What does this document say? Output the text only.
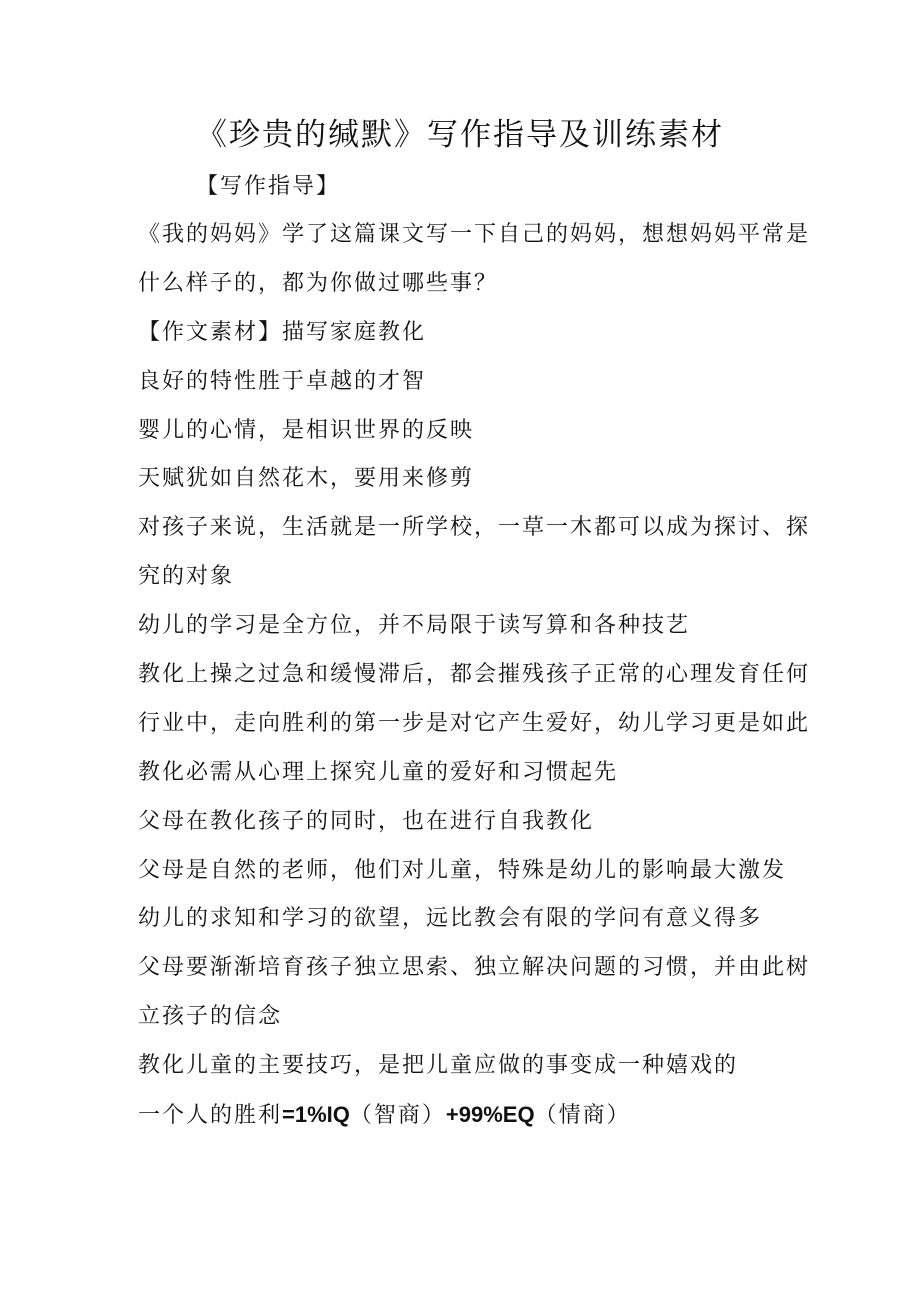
《珍贵的缄默》写作指导及训练素材
【写作指导】
《我的妈妈》学了这篇课文写一下自己的妈妈，想想妈妈平常是
什么样子的，都为你做过哪些事？
【作文素材】描写家庭教化
良好的特性胜于卓越的才智
婴儿的心情，是相识世界的反映
天赋犹如自然花木，要用来修剪
对孩子来说，生活就是一所学校，一草一木都可以成为探讨、探
究的对象
幼儿的学习是全方位，并不局限于读写算和各种技艺
教化上操之过急和缓慢滞后，都会摧残孩子正常的心理发育任何
行业中，走向胜利的第一步是对它产生爱好，幼儿学习更是如此
教化必需从心理上探究儿童的爱好和习惯起先
父母在教化孩子的同时，也在进行自我教化
父母是自然的老师，他们对儿童，特殊是幼儿的影响最大激发
幼儿的求知和学习的欲望，远比教会有限的学问有意义得多
父母要渐渐培育孩子独立思索、独立解决问题的习惯，并由此树
立孩子的信念
教化儿童的主要技巧，是把儿童应做的事变成一种嬉戏的
一个人的胜利=1%IQ（智商）+99%EQ（情商）
